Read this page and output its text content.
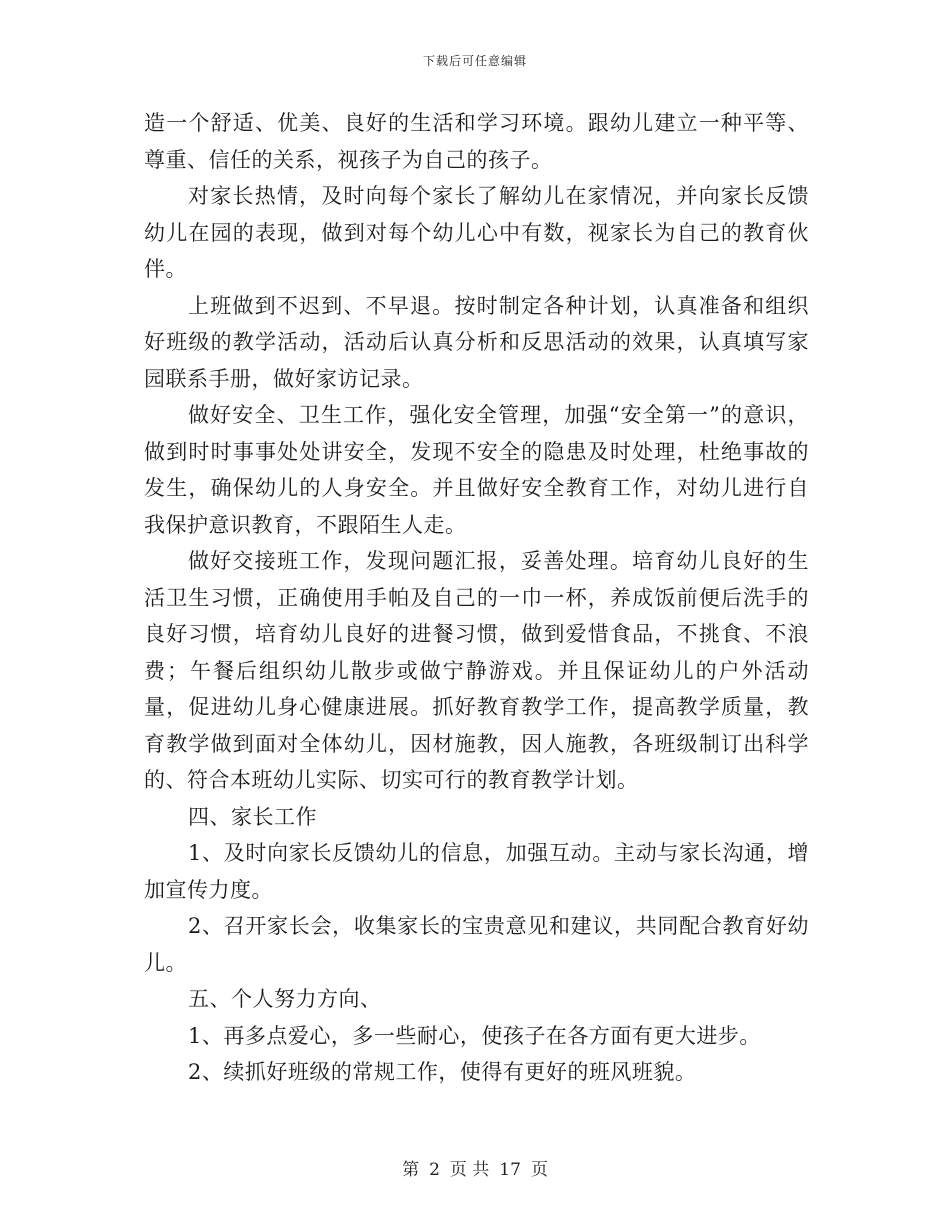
下载后可任意编辑

造一个舒适、优美、良好的生活和学习环境。跟幼儿建立一种平等、尊重、信任的关系，视孩子为自己的孩子。

对家长热情，及时向每个家长了解幼儿在家情况，并向家长反馈幼儿在园的表现，做到对每个幼儿心中有数，视家长为自己的教育伙伴。

上班做到不迟到、不早退。按时制定各种计划，认真准备和组织好班级的教学活动，活动后认真分析和反思活动的效果，认真填写家园联系手册，做好家访记录。

做好安全、卫生工作，强化安全管理，加强“安全第一”的意识，做到时时事事处处讲安全，发现不安全的隐患及时处理，杜绝事故的发生，确保幼儿的人身安全。并且做好安全教育工作，对幼儿进行自我保护意识教育，不跟陌生人走。

做好交接班工作，发现问题汇报，妥善处理。培育幼儿良好的生活卫生习惯，正确使用手帕及自己的一巾一杯，养成饭前便后洗手的良好习惯，培育幼儿良好的进餐习惯，做到爱惜食品，不挑食、不浪费；午餐后组织幼儿散步或做宁静游戏。并且保证幼儿的户外活动量，促进幼儿身心健康进展。抓好教育教学工作，提高教学质量，教育教学做到面对全体幼儿，因材施教，因人施教，各班级制订出科学的、符合本班幼儿实际、切实可行的教育教学计划。

四、家长工作

1、及时向家长反馈幼儿的信息，加强互动。主动与家长沟通，增加宣传力度。

2、召开家长会，收集家长的宝贵意见和建议，共同配合教育好幼儿。

五、个人努力方向、

1、再多点爱心，多一些耐心，使孩子在各方面有更大进步。

2、续抓好班级的常规工作，使得有更好的班风班貌。

第 2 页 共 17 页
